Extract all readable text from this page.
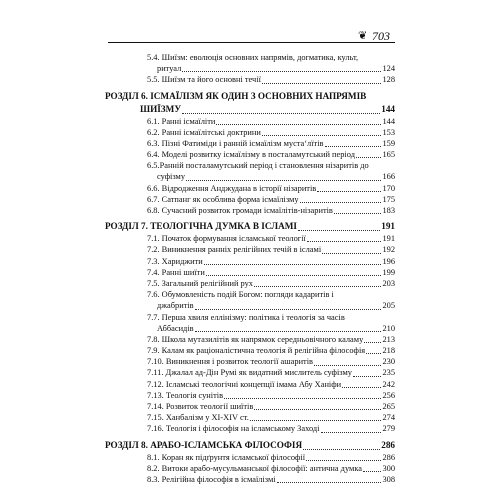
❦ 703
5.4. Шиїзм: еволюція основних напрямів, догматика, культ,
ритуал	124
5.5. Шиїзм та його основні течії	128
РОЗДІЛ 6. ІСМАЇЛІЗМ ЯК ОДИН З ОСНОВНИХ НАПРЯМІВ
ШИЇЗМУ	144
6.1. Ранні ісмаїліти	144
6.2. Ранні ісмаїлітські доктрини	153
6.3. Пізні Фатиміди і ранній ісмаїлізм муста‘лїтів	159
6.4. Моделі розвитку ісмаїлізму в посталамутський період	165
6.5.Ранній посталамутський період і становлення нізаритів до
суфізму	166
6.6. Відродження Анджудана в історії нізаритів	170
6.7. Сатпанг як особлива форма ісмаїлізму	175
6.8. Сучасний розвиток громади ісмаїлітів-нізаритів	183
РОЗДІЛ 7. ТЕОЛОГІЧНА ДУМКА В ІСЛАМІ	191
7.1. Початок формування ісламської теології	191
7.2. Виникнення ранніх релігійних течій в ісламі	192
7.3. Хариджити	196
7.4. Ранні шиїти	199
7.5. Загальний релігійний рух	203
7.6. Обумовленість подій Богом: погляди кадаритів і
джабритів	205
7.7. Перша хвиля еллінізму: політика і теологія за часів
Аббасидів	210
7.8. Школа мутазилітів як напрямок середньовічного каламу 213
7.9. Калам як раціоналістична теологія й релігійна філософія 218
7.10. Виникнення і розвиток теології ашаритів	230
7.11. Джалал ад-Дін Румі як видатний мислитель суфізму	235
7.12. Ісламські теологічні концепції імама Абу Ханіфи	242
7.13. Теологія сунітів	256
7.14. Розвиток теології шиїтів	265
7.15. Ханбалізм у XI-XIV ст.	274
7.16. Теологія і філософія на ісламському Заході	279
РОЗДІЛ 8. АРАБО-ІСЛАМСЬКА ФІЛОСОФІЯ	286
8.1. Коран як підґрунтя ісламської філософії	286
8.2. Витоки арабо-мусульманської філософії: антична думка 300
8.3. Релігійна філософія в ісмаїлізмі	308
